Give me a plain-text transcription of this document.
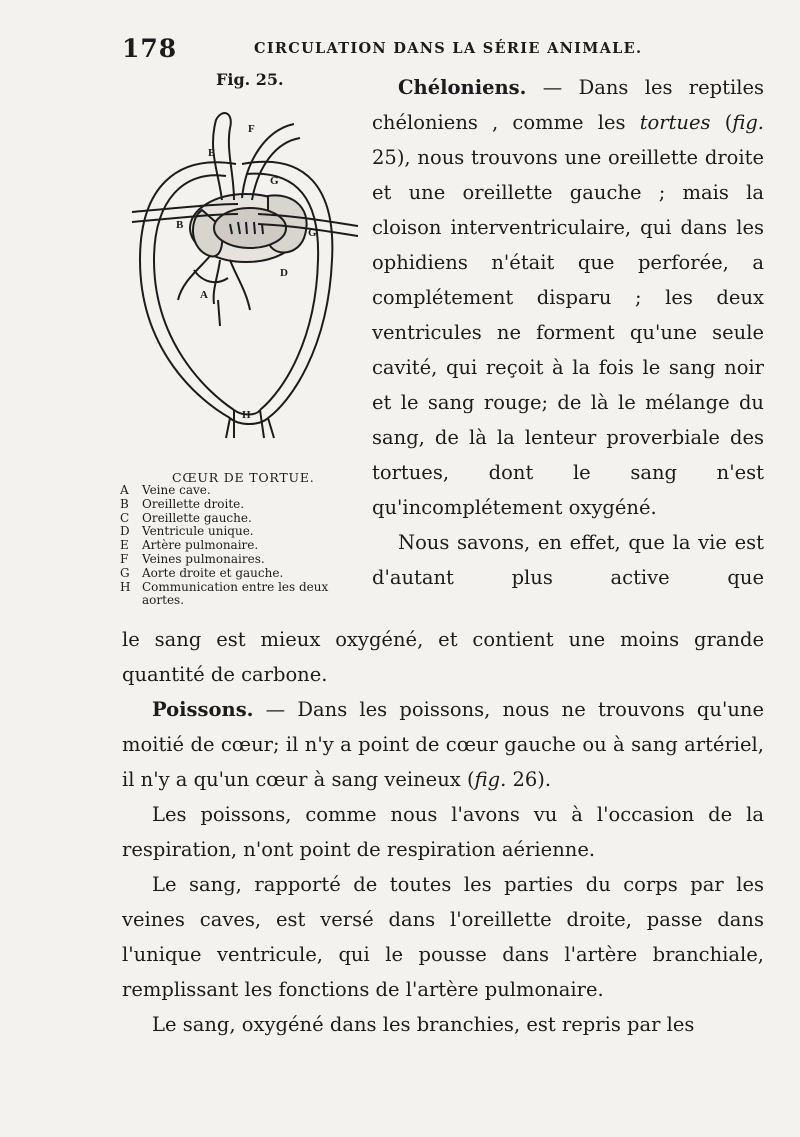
178	CIRCULATION DANS LA SÉRIE ANIMALE.
Fig. 25.
F
E
G
B
G
D
A
H
CŒUR DE TORTUE.
A Veine cave.
B Oreillette droite.
C Oreillette gauche.
D Ventricule unique.
E Artère pulmonaire.
F Veines pulmonaires.
G Aorte droite et gauche.
H Communication entre les deux aortes.

Chéloniens. — Dans les reptiles chéloniens , comme les tortues (fig. 25), nous trouvons une oreillette droite et une oreillette gauche ; mais la cloison interventriculaire, qui dans les ophidiens n'était que perforée, a complétement disparu ; les deux ventricules ne forment qu'une seule cavité, qui reçoit à la fois le sang noir et le sang rouge; de là le mélange du sang, de là la lenteur proverbiale des tortues, dont le sang n'est qu'incomplétement oxygéné.

Nous savons, en effet, que la vie est d'autant plus active que

le sang est mieux oxygéné, et contient une moins grande quantité de carbone.

Poissons. — Dans les poissons, nous ne trouvons qu'une moitié de cœur; il n'y a point de cœur gauche ou à sang artériel, il n'y a qu'un cœur à sang veineux (fig. 26).

Les poissons, comme nous l'avons vu à l'occasion de la respiration, n'ont point de respiration aérienne.

Le sang, rapporté de toutes les parties du corps par les veines caves, est versé dans l'oreillette droite, passe dans l'unique ventricule, qui le pousse dans l'artère branchiale, remplissant les fonctions de l'artère pulmonaire.

Le sang, oxygéné dans les branchies, est repris par les
